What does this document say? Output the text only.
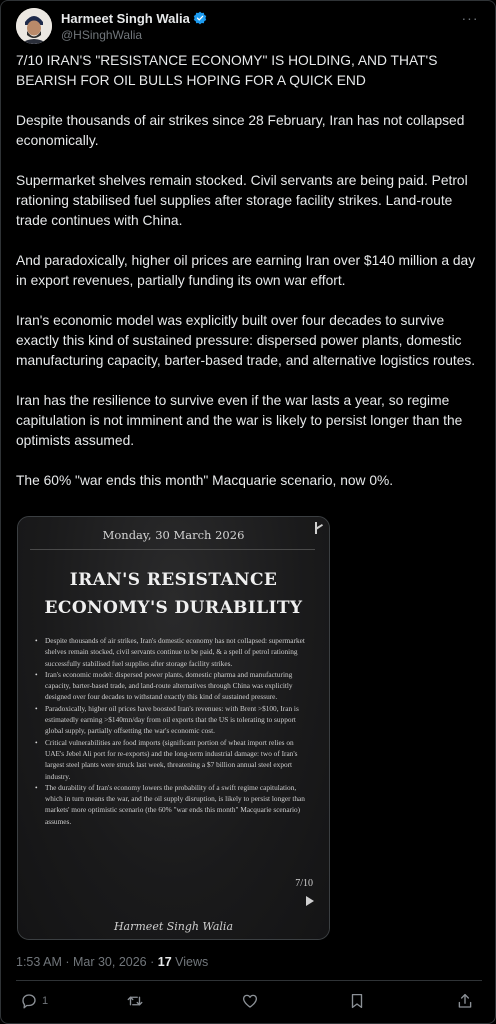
Harmeet Singh Walia
@HSinghWalia
···

7/10 IRAN'S "RESISTANCE ECONOMY" IS HOLDING, AND THAT'S BEARISH FOR OIL BULLS HOPING FOR A QUICK END

Despite thousands of air strikes since 28 February, Iran has not collapsed economically.

Supermarket shelves remain stocked. Civil servants are being paid. Petrol rationing stabilised fuel supplies after storage facility strikes. Land-route trade continues with China.

And paradoxically, higher oil prices are earning Iran over $140 million a day in export revenues, partially funding its own war effort.

Iran's economic model was explicitly built over four decades to survive exactly this kind of sustained pressure: dispersed power plants, domestic manufacturing capacity, barter-based trade, and alternative logistics routes.

Iran has the resilience to survive even if the war lasts a year, so regime capitulation is not imminent and the war is likely to persist longer than the optimists assumed.

The 60% "war ends this month" Macquarie scenario, now 0%.

Monday, 30 March 2026
IRAN'S RESISTANCE
ECONOMY'S DURABILITY
• Despite thousands of air strikes, Iran's domestic economy has not collapsed: supermarket shelves remain stocked, civil servants continue to be paid, & a spell of petrol rationing successfully stabilised fuel supplies after storage facility strikes.
• Iran's economic model: dispersed power plants, domestic pharma and manufacturing capacity, barter-based trade, and land-route alternatives through China was explicitly designed over four decades to withstand exactly this kind of sustained pressure.
• Paradoxically, higher oil prices have boosted Iran's revenues: with Brent >$100, Iran is estimatedly earning >$140mn/day from oil exports that the US is tolerating to support global supply, partially offsetting the war's economic cost.
• Critical vulnerabilities are food imports (significant portion of wheat import relies on UAE's Jebel Ali port for re-exports) and the long-term industrial damage: two of Iran's largest steel plants were struck last week, threatening a $7 billion annual steel export industry.
• The durability of Iran's economy lowers the probability of a swift regime capitulation, which in turn means the war, and the oil supply disruption, is likely to persist longer than markets' more optimistic scenario (the 60% "war ends this month" Macquarie scenario) assumes.
7/10
Harmeet Singh Walia
1:53 AM · Mar 30, 2026 · 17 Views
1
